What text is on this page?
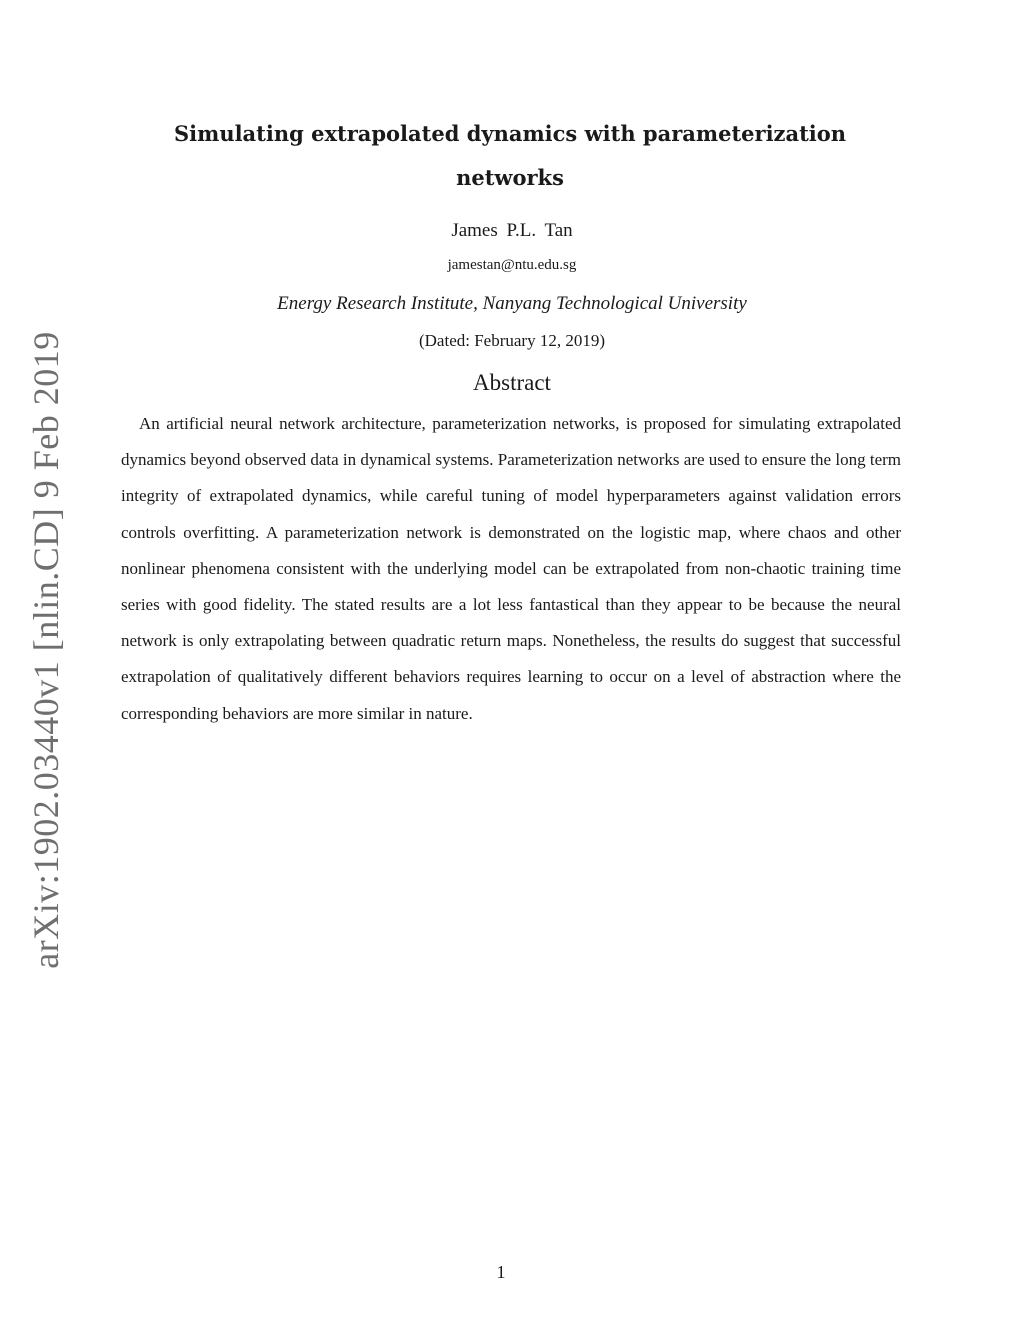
arXiv:1902.03440v1 [nlin.CD] 9 Feb 2019
Simulating extrapolated dynamics with parameterization networks
James P.L. Tan
jamestan@ntu.edu.sg
Energy Research Institute, Nanyang Technological University
(Dated: February 12, 2019)
Abstract

An artificial neural network architecture, parameterization networks, is proposed for simulating extrapolated dynamics beyond observed data in dynamical systems. Parameterization networks are used to ensure the long term integrity of extrapolated dynamics, while careful tuning of model hyperparameters against validation errors controls overfitting. A parameterization network is demonstrated on the logistic map, where chaos and other nonlinear phenomena consistent with the underlying model can be extrapolated from non-chaotic training time series with good fidelity. The stated results are a lot less fantastical than they appear to be because the neural network is only extrapolating between quadratic return maps. Nonetheless, the results do suggest that successful extrapolation of qualitatively different behaviors requires learning to occur on a level of abstraction where the corresponding behaviors are more similar in nature.

1
